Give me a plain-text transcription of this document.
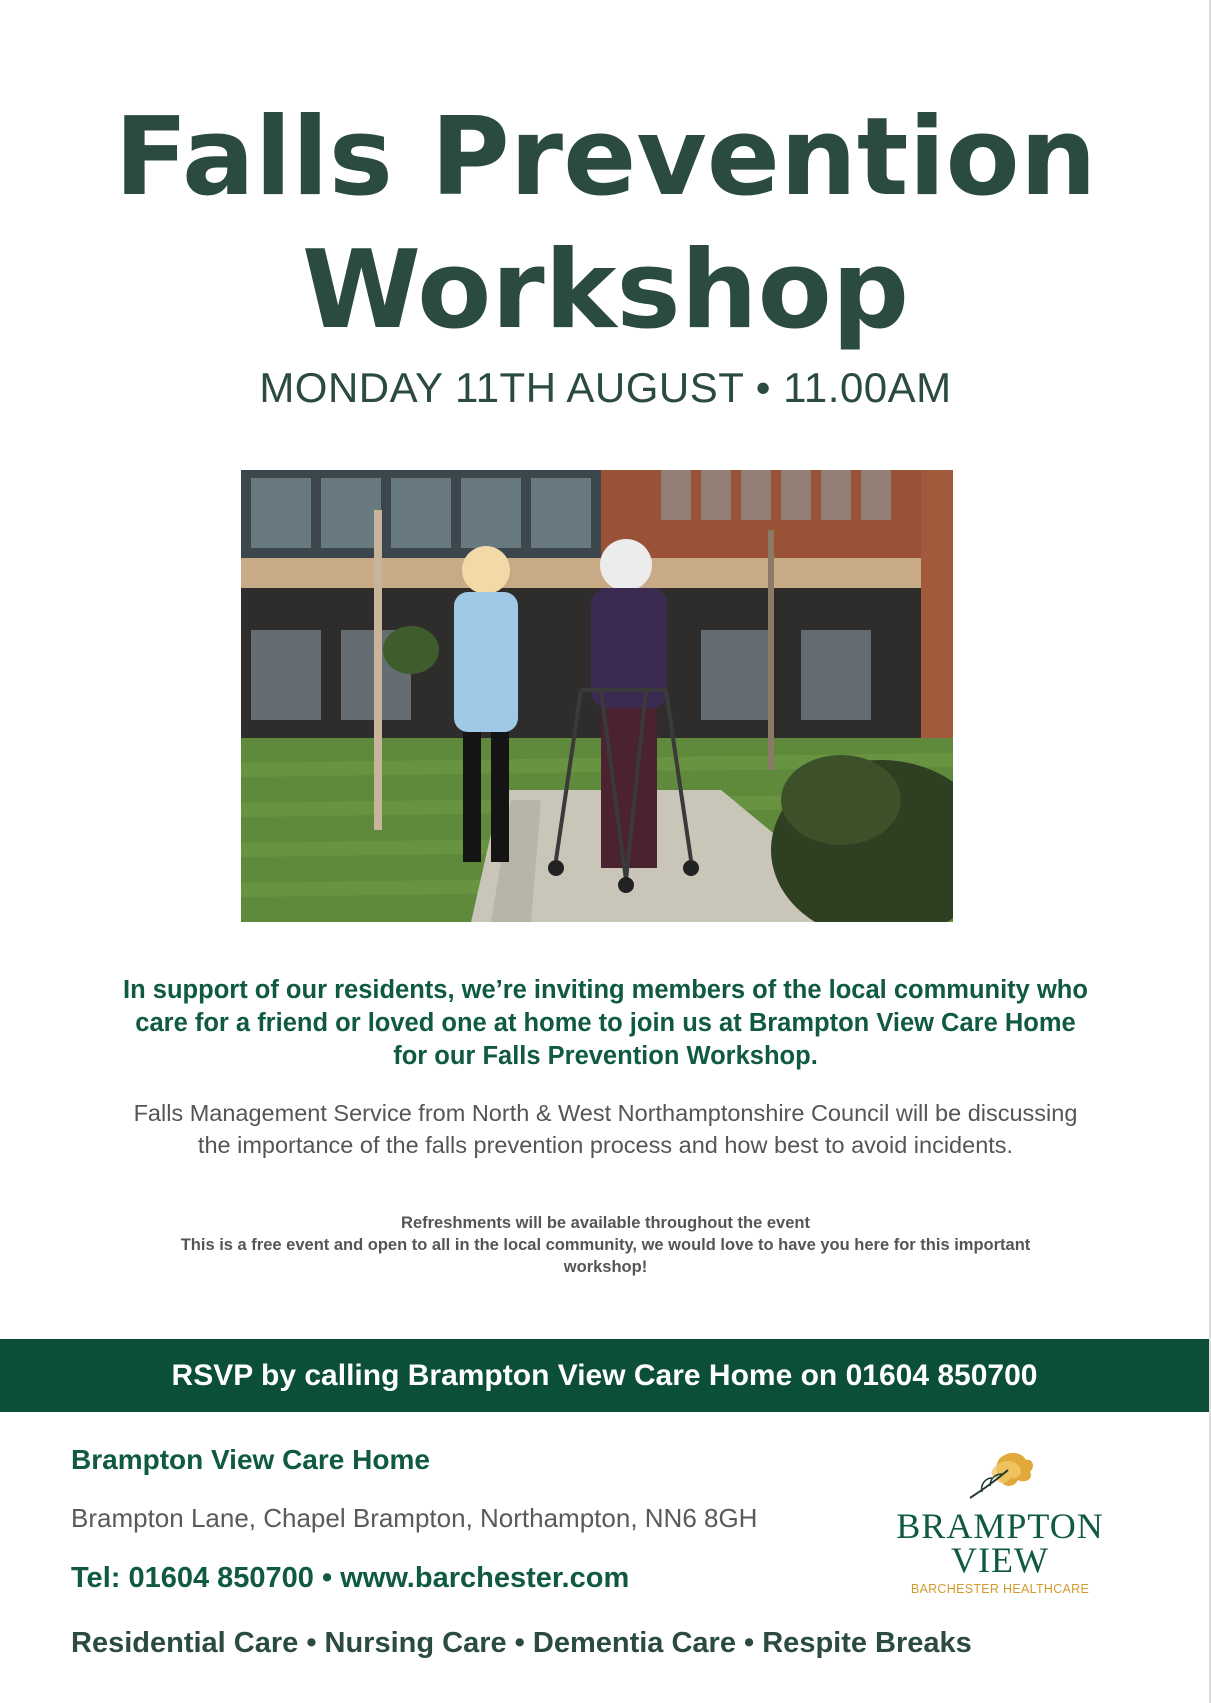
Falls Prevention
Workshop
MONDAY 11TH AUGUST • 11.00AM
In support of our residents, we’re inviting members of the local community who care for a friend or loved one at home to join us at Brampton View Care Home for our Falls Prevention Workshop.
Falls Management Service from North & West Northamptonshire Council will be discussing the importance of the falls prevention process and how best to avoid incidents.
Refreshments will be available throughout the event
This is a free event and open to all in the local community, we would love to have you here for this important workshop!
RSVP by calling Brampton View Care Home on 01604 850700
Brampton View Care Home
Brampton Lane, Chapel Brampton, Northampton, NN6 8GH
Tel: 01604 850700 • www.barchester.com
Residential Care • Nursing Care • Dementia Care • Respite Breaks
BRAMPTON
VIEW
BARCHESTER HEALTHCARE
